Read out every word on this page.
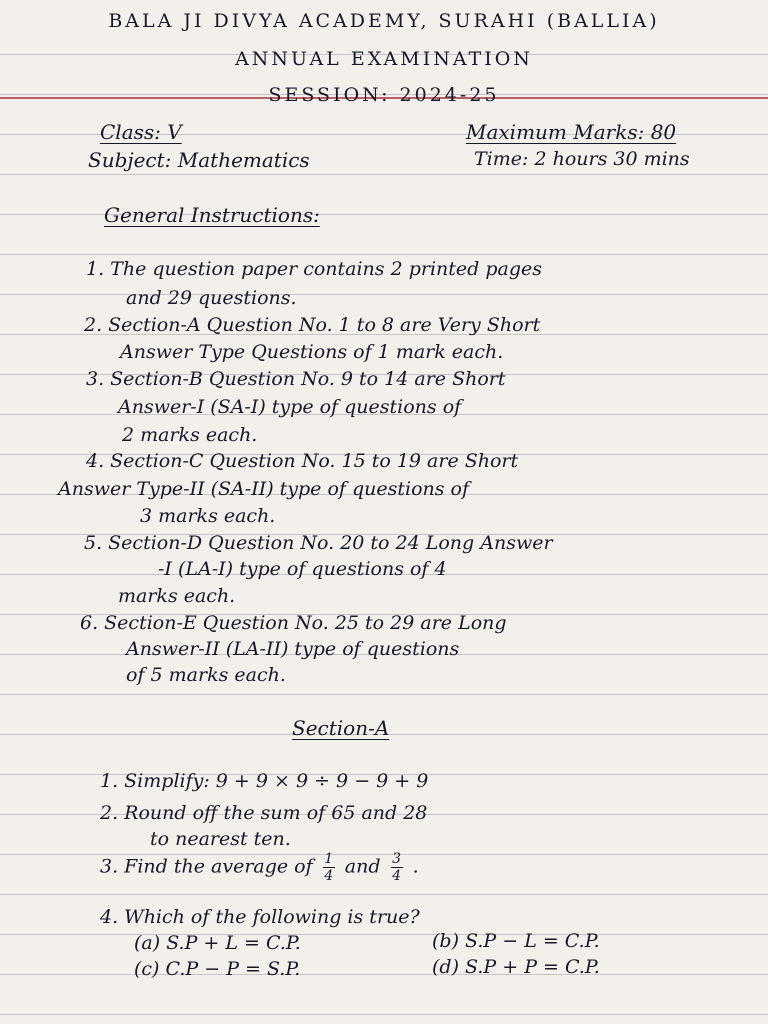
BALA JI DIVYA ACADEMY, SURAHI (BALLIA)
ANNUAL EXAMINATION
SESSION: 2024-25
Class: V	Maximum Marks: 80
Subject: Mathematics	Time: 2 hours 30 mins
General Instructions:
1. The question paper contains 2 printed pages
and 29 questions.
2. Section-A Question No. 1 to 8 are Very Short
Answer Type Questions of 1 mark each.
3. Section-B Question No. 9 to 14 are Short
Answer-I (SA-I) type of questions of
2 marks each.
4. Section-C Question No. 15 to 19 are Short
Answer Type-II (SA-II) type of questions of
3 marks each.
5. Section-D Question No. 20 to 24 Long Answer
-I (LA-I) type of questions of 4
marks each.
6. Section-E Question No. 25 to 29 are Long
Answer-II (LA-II) type of questions
of 5 marks each.
Section-A
1. Simplify: 9 + 9 × 9 ÷ 9 − 9 + 9
2. Round off the sum of 65 and 28
to nearest ten.
3. Find the average of $\frac{1}{4}$ and $\frac{3}{4}$ .
4. Which of the following is true?
(a) S.P + L = C.P.	(b) S.P − L = C.P.
(c) C.P − P = S.P.	(d) S.P + P = C.P.
